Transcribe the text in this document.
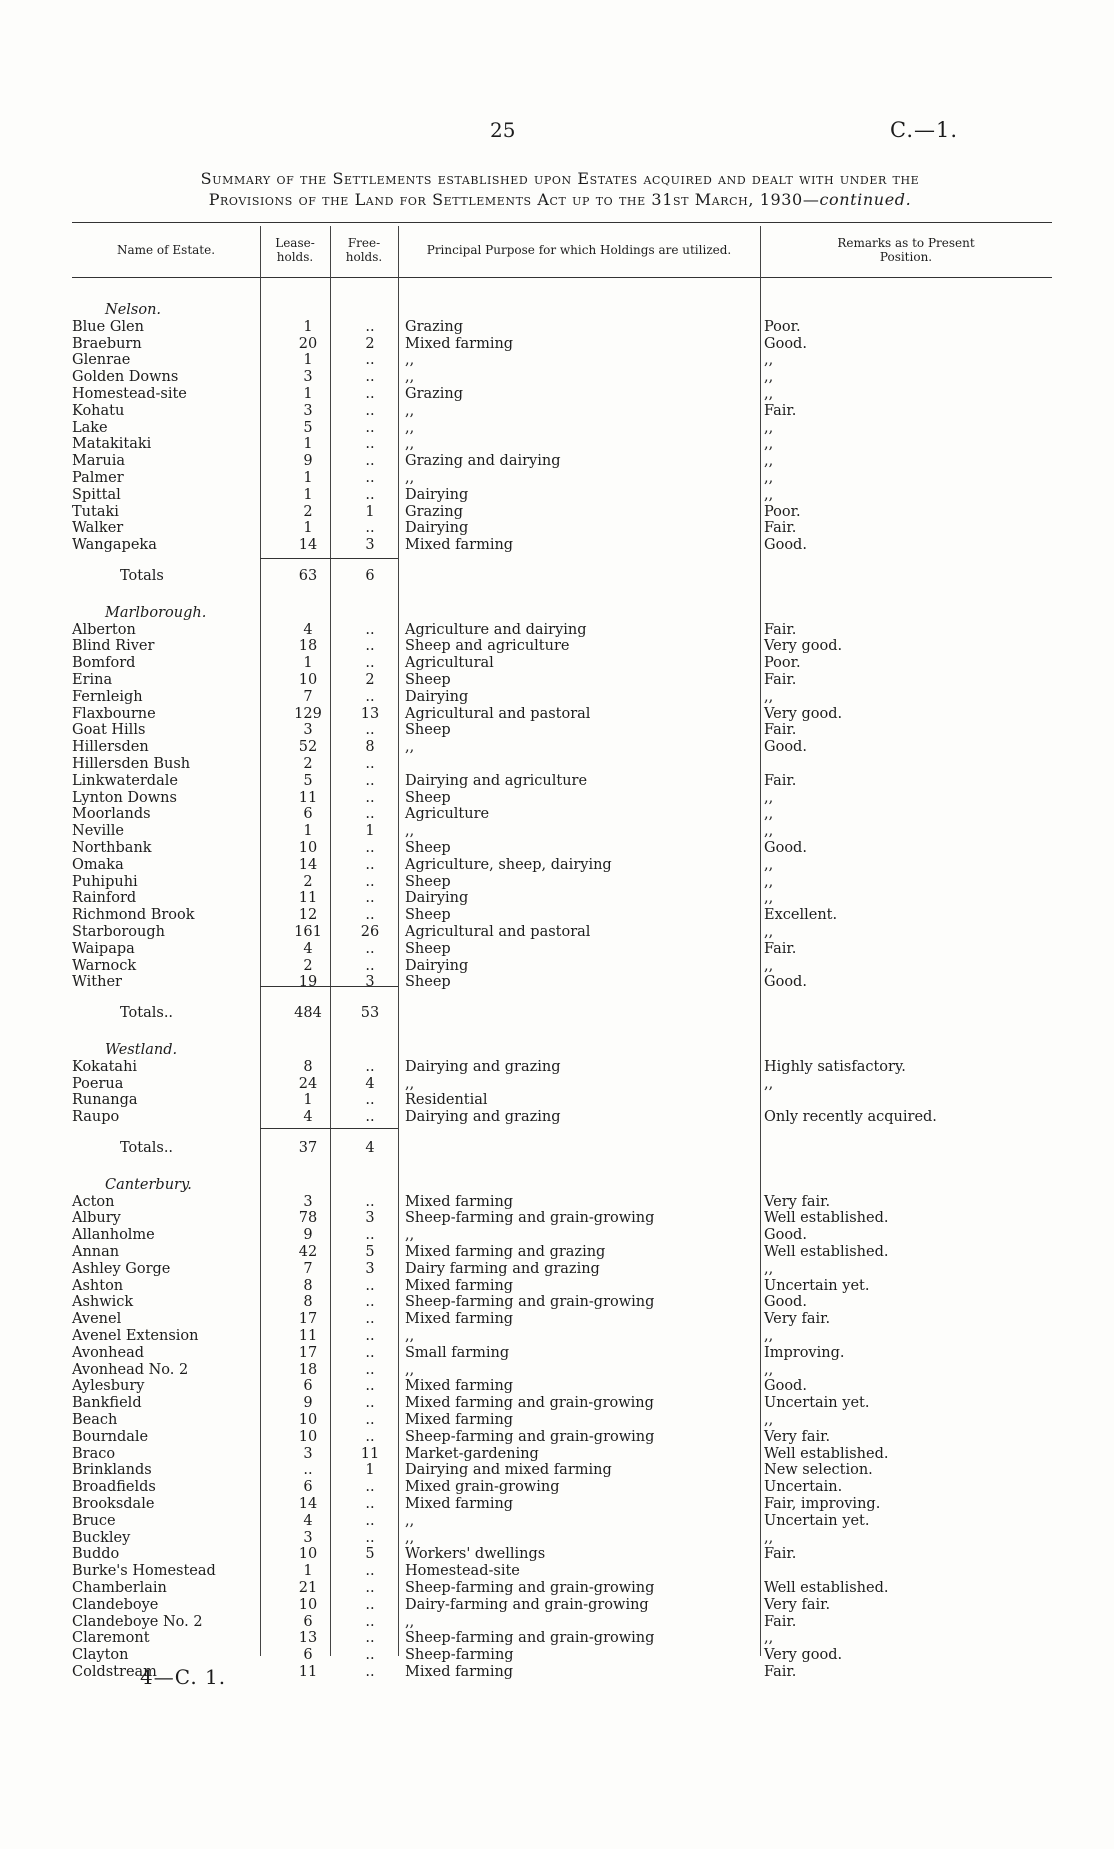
25	C.—1.
Summary of the Settlements established upon Estates acquired and dealt with under the
Provisions of the Land for Settlements Act up to the 31st March, 1930—continued.
Name of Estate.	Lease-
holds.
Free-
holds.	Principal Purpose for which Holdings are utilized.	Remarks as to Present
Position.
Nelson.
Blue Glen	1	..	Grazing	Poor.
Braeburn	20	2	Mixed farming	Good.
Glenrae	1	..	,,	,,
Golden Downs	3	..	,,	,,
Homestead-site	1	..	Grazing	,,
Kohatu	3	..	,,	Fair.
Lake	5	..	,,	,,
Matakitaki	1	..	,,	,,
Maruia	9	..	Grazing and dairying	,,
Palmer	1	..	,,	,,
Spittal	1	..	Dairying	,,
Tutaki	2	1	Grazing	Poor.
Walker	1	..	Dairying	Fair.
Wangapeka	14	3	Mixed farming	Good.
Totals	63	6
Marlborough.
Alberton	4	..	Agriculture and dairying	Fair.
Blind River	18	..	Sheep and agriculture	Very good.
Bomford	1	..	Agricultural	Poor.
Erina	10	2	Sheep	Fair.
Fernleigh	7	..	Dairying	,,
Flaxbourne	129	13	Agricultural and pastoral	Very good.
Goat Hills	3	..	Sheep	Fair.
Hillersden	52	8	,,	Good.
Hillersden Bush	2	..
Linkwaterdale	5	..	Dairying and agriculture	Fair.
Lynton Downs	11	..	Sheep	,,
Moorlands	6	..	Agriculture	,,
Neville	1	1	,,	,,
Northbank	10	..	Sheep	Good.
Omaka	14	..	Agriculture, sheep, dairying	,,
Puhipuhi	2	..	Sheep	,,
Rainford	11	..	Dairying	,,
Richmond Brook	12	..	Sheep	Excellent.
Starborough	161	26	Agricultural and pastoral	,,
Waipapa	4	..	Sheep	Fair.
Warnock	2	..	Dairying	,,
Wither	19	3	Sheep	Good.
Totals..	484	53
Westland.
Kokatahi	8	..	Dairying and grazing	Highly satisfactory.
Poerua	24	4	,,	,,
Runanga	1	..	Residential
Raupo	4	..	Dairying and grazing	Only recently acquired.
Totals..	37	4
Canterbury.
Acton	3	..	Mixed farming	Very fair.
Albury	78	3	Sheep-farming and grain-growing	Well established.
Allanholme	9	..	,,	Good.
Annan	42	5	Mixed farming and grazing	Well established.
Ashley Gorge	7	3	Dairy farming and grazing	,,
Ashton	8	..	Mixed farming	Uncertain yet.
Ashwick	8	..	Sheep-farming and grain-growing	Good.
Avenel	17	..	Mixed farming	Very fair.
Avenel Extension	11	..	,,	,,
Avonhead	17	..	Small farming	Improving.
Avonhead No. 2	18	..	,,	,,
Aylesbury	6	..	Mixed farming	Good.
Bankfield	9	..	Mixed farming and grain-growing	Uncertain yet.
Beach	10	..	Mixed farming	,,
Bourndale	10	..	Sheep-farming and grain-growing	Very fair.
Braco	3	11	Market-gardening	Well established.
Brinklands	..	1	Dairying and mixed farming	New selection.
Broadfields	6	..	Mixed grain-growing	Uncertain.
Brooksdale	14	..	Mixed farming	Fair, improving.
Bruce	4	..	,,	Uncertain yet.
Buckley	3	..	,,	,,
Buddo	10	5	Workers' dwellings	Fair.
Burke's Homestead	1	..	Homestead-site
Chamberlain	21	..	Sheep-farming and grain-growing	Well established.
Clandeboye	10	..	Dairy-farming and grain-growing	Very fair.
Clandeboye No. 2	6	..	,,	Fair.
Claremont	13	..	Sheep-farming and grain-growing	,,
Clayton	6	..	Sheep-farming	Very good.
Coldstream	11	..	Mixed farming	Fair.
4—C. 1.
